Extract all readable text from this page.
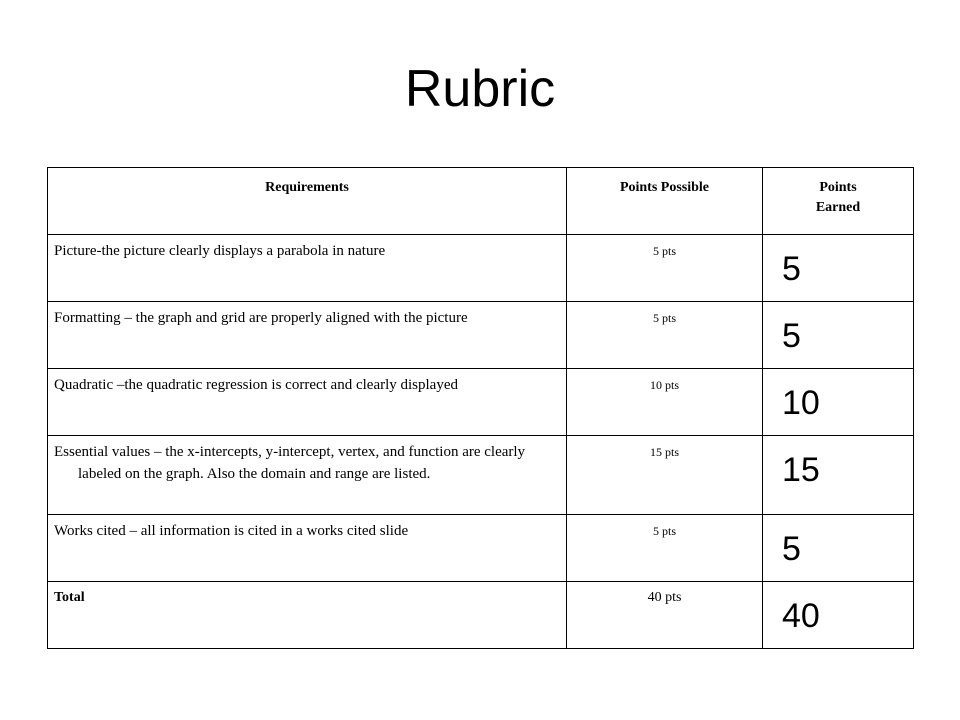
Rubric
Requirements	Points Possible	Points Earned

Picture-the picture clearly displays a parabola in nature	5 pts	5

Formatting – the graph and grid are properly aligned with the picture	5 pts	5

Quadratic –the quadratic regression is correct and clearly displayed	10 pts	10

Essential values – the x-intercepts, y-intercept, vertex, and function are clearly labeled on the graph. Also the domain and range are listed.	15 pts	15

Works cited – all information is cited in a works cited slide	5 pts	5

Total	40 pts	40
